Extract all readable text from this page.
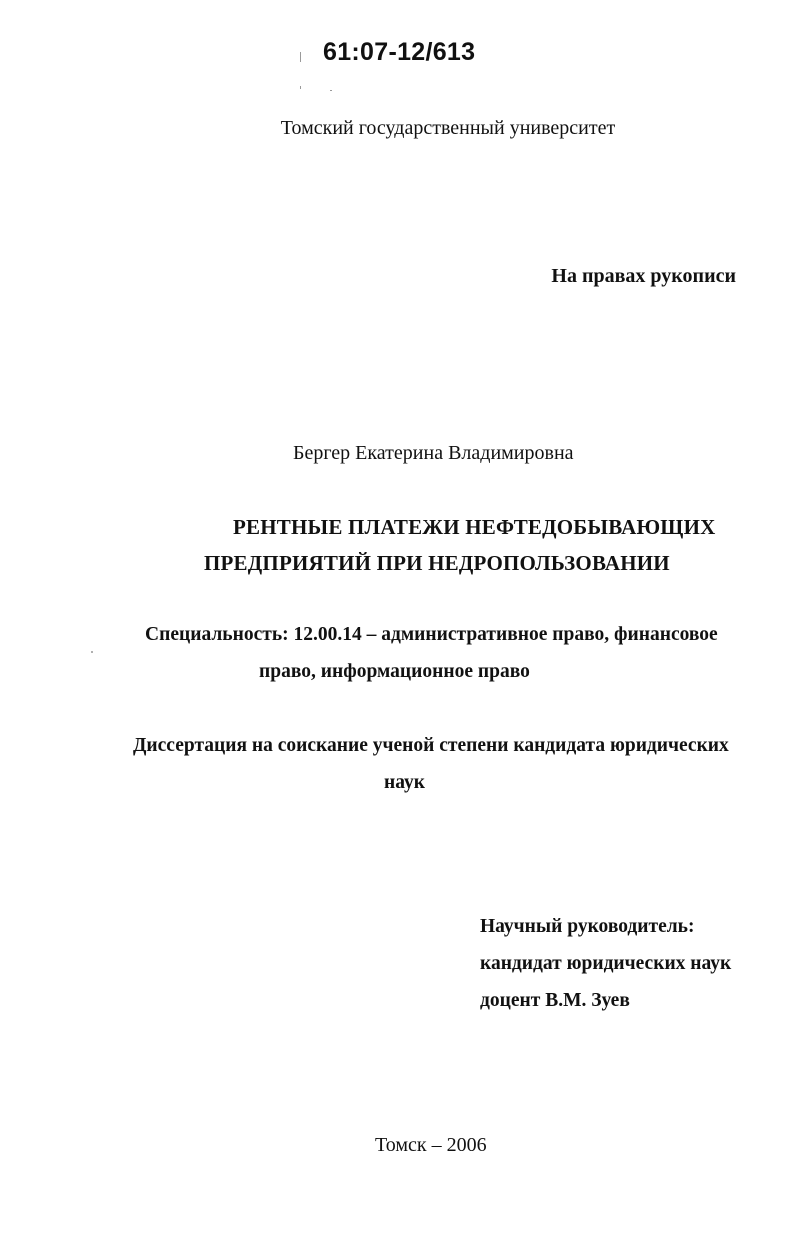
61:07-12/613
Томский государственный университет
На правах рукописи
Бергер Екатерина Владимировна
РЕНТНЫЕ ПЛАТЕЖИ НЕФТЕДОБЫВАЮЩИХ
ПРЕДПРИЯТИЙ ПРИ НЕДРОПОЛЬЗОВАНИИ
Специальность: 12.00.14 – административное право, финансовое
право, информационное право
Диссертация на соискание ученой степени кандидата юридических
наук
Научный руководитель:
кандидат юридических наук
доцент В.М. Зуев
Томск – 2006
